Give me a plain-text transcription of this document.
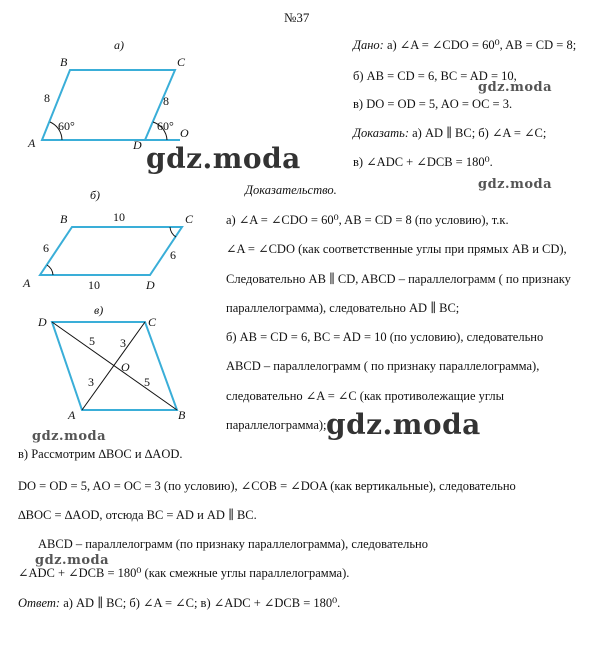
№37
а)
A
B	C
D
O
8	8
60°	60°
Дано: а) ∠A = ∠CDO = 60⁰, AB = CD = 8;
б) AB = CD = 6, BC = AD = 10,
в) DO = OD = 5, AO = OC = 3.
Доказать: а) AD ∥ BC; б) ∠A = ∠C;
в) ∠ADC + ∠DCB = 180⁰.
gdz.moda
gdz.moda
gdz.moda
gdz.moda
gdz.moda
gdz.moda
Доказательство.
б)
B	C
A	D
10
6	6
10
в)
D	C
A	B
O
5 3
3	5
а) ∠A = ∠CDO = 60⁰, AB = CD = 8 (по условию), т.к.
∠A = ∠CDO (как соответственные углы при прямых AB и CD),
Следовательно AB ∥ CD, ABCD – параллелограмм ( по признаку
параллелограмма), следовательно AD ∥ BC;
б) AB = CD = 6, BC = AD = 10 (по условию), следовательно
ABCD – параллелограмм ( по признаку параллелограмма),
следовательно ∠A = ∠C (как противолежащие углы
параллелограмма);
в) Рассмотрим ∆BOC и ∆AOD.
DO = OD = 5, AO = OC = 3 (по условию), ∠COB = ∠DOA (как вертикальные), следовательно
∆BOC = ∆AOD, отсюда BC = AD и AD ∥ BC.
ABCD – параллелограмм (по признаку параллелограмма), следовательно
∠ADC + ∠DCB = 180⁰ (как смежные углы параллелограмма).
Ответ: а) AD ∥ BC; б) ∠A = ∠C; в) ∠ADC + ∠DCB = 180⁰.
